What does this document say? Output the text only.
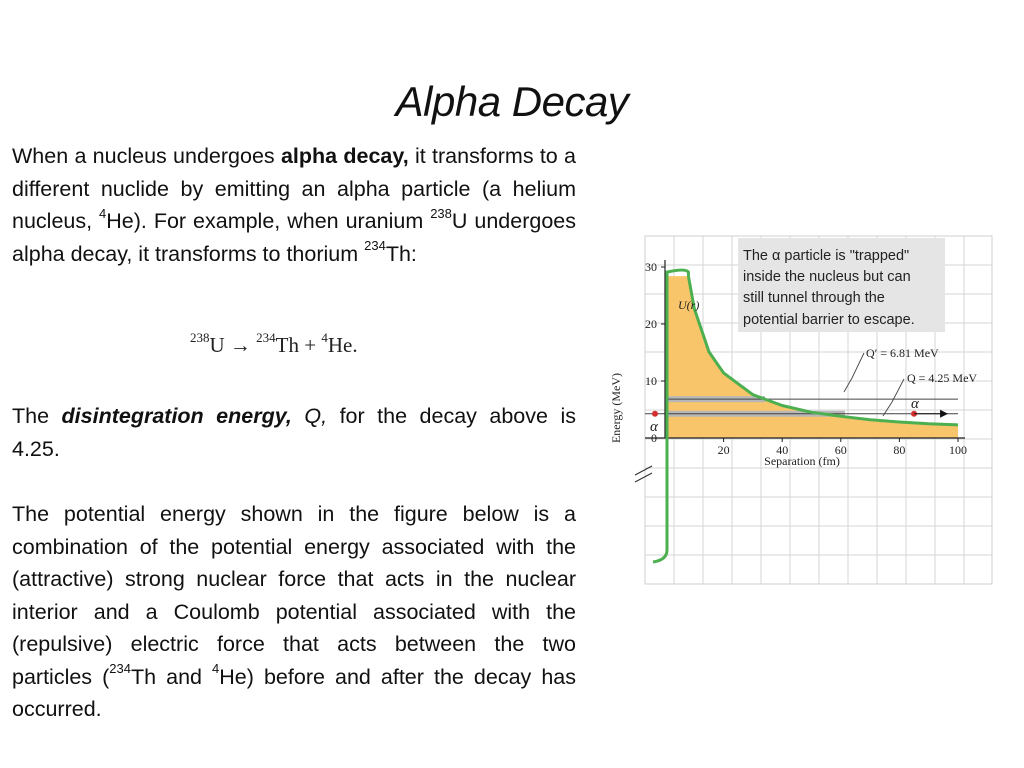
Alpha Decay

When a nucleus undergoes alpha decay, it transforms to a different nuclide by emitting an alpha particle (a helium nucleus, $^4$He). For example, when uranium $^{238}$U undergoes alpha decay, it transforms to thorium $^{234}$Th:

$^{238}$U → $^{234}$Th + $^4$He.

The disintegration energy, Q, for the decay above is 4.25.

The potential energy shown in the figure below is a combination of the potential energy associated with the (attractive) strong nuclear force that acts in the nuclear interior and a Coulomb potential associated with the (repulsive) electric force that acts between the two particles ($^{234}$Th and $^4$He) before and after the decay has occurred.

0
10
20
30
20	40	60	80	100
Separation (fm)
Energy (MeV)
U(r)
Q′ = 6.81 MeV
Q = 4.25 MeV
α
α
The α particle is "trapped"
inside the nucleus but can
still tunnel through the
potential barrier to escape.
